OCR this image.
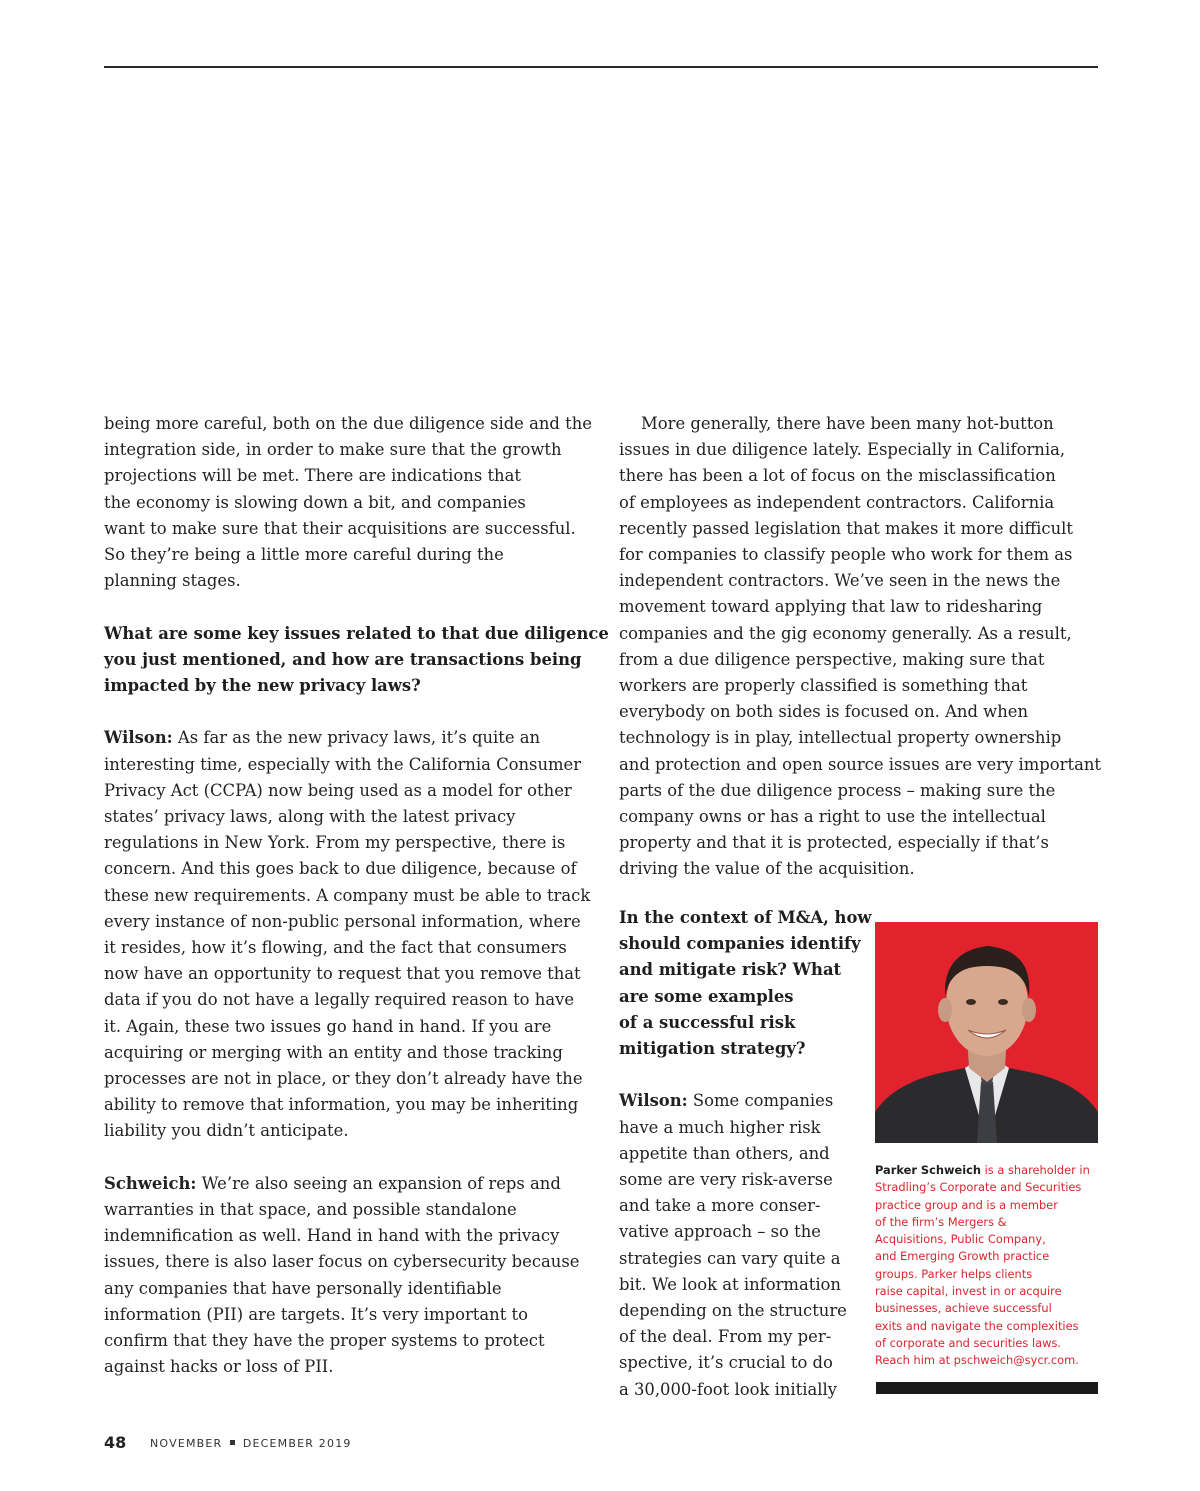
being more careful, both on the due diligence side and the
integration side, in order to make sure that the growth
projections will be met. There are indications that
the economy is slowing down a bit, and companies
want to make sure that their acquisitions are successful.
So they’re being a little more careful during the
planning stages.
What are some key issues related to that due diligence
you just mentioned, and how are transactions being
impacted by the new privacy laws?
Wilson: As far as the new privacy laws, it’s quite an
interesting time, especially with the California Consumer
Privacy Act (CCPA) now being used as a model for other
states’ privacy laws, along with the latest privacy
regulations in New York. From my perspective, there is
concern. And this goes back to due diligence, because of
these new requirements. A company must be able to track
every instance of non-public personal information, where
it resides, how it’s flowing, and the fact that consumers
now have an opportunity to request that you remove that
data if you do not have a legally required reason to have
it. Again, these two issues go hand in hand. If you are
acquiring or merging with an entity and those tracking
processes are not in place, or they don’t already have the
ability to remove that information, you may be inheriting
liability you didn’t anticipate.
Schweich: We’re also seeing an expansion of reps and
warranties in that space, and possible standalone
indemnification as well. Hand in hand with the privacy
issues, there is also laser focus on cybersecurity because
any companies that have personally identifiable
information (PII) are targets. It’s very important to
confirm that they have the proper systems to protect
against hacks or loss of PII.
More generally, there have been many hot-button
issues in due diligence lately. Especially in California,
there has been a lot of focus on the misclassification
of employees as independent contractors. California
recently passed legislation that makes it more difficult
for companies to classify people who work for them as
independent contractors. We’ve seen in the news the
movement toward applying that law to ridesharing
companies and the gig economy generally. As a result,
from a due diligence perspective, making sure that
workers are properly classified is something that
everybody on both sides is focused on. And when
technology is in play, intellectual property ownership
and protection and open source issues are very important
parts of the due diligence process – making sure the
company owns or has a right to use the intellectual
property and that it is protected, especially if that’s
driving the value of the acquisition.
In the context of M&A, how
should companies identify
and mitigate risk? What
are some examples
of a successful risk
mitigation strategy?
Wilson: Some companies
have a much higher risk
appetite than others, and
some are very risk-averse
and take a more conser-
vative approach – so the
strategies can vary quite a
bit. We look at information
depending on the structure
of the deal. From my per-
spective, it’s crucial to do
a 30,000-foot look initially
Parker Schweich is a shareholder in
Stradling’s Corporate and Securities
practice group and is a member
of the firm’s Mergers &
Acquisitions, Public Company,
and Emerging Growth practice
groups. Parker helps clients
raise capital, invest in or acquire
businesses, achieve successful
exits and navigate the complexities
of corporate and securities laws.
Reach him at pschweich@sycr.com.
48 NOVEMBER DECEMBER 2019
